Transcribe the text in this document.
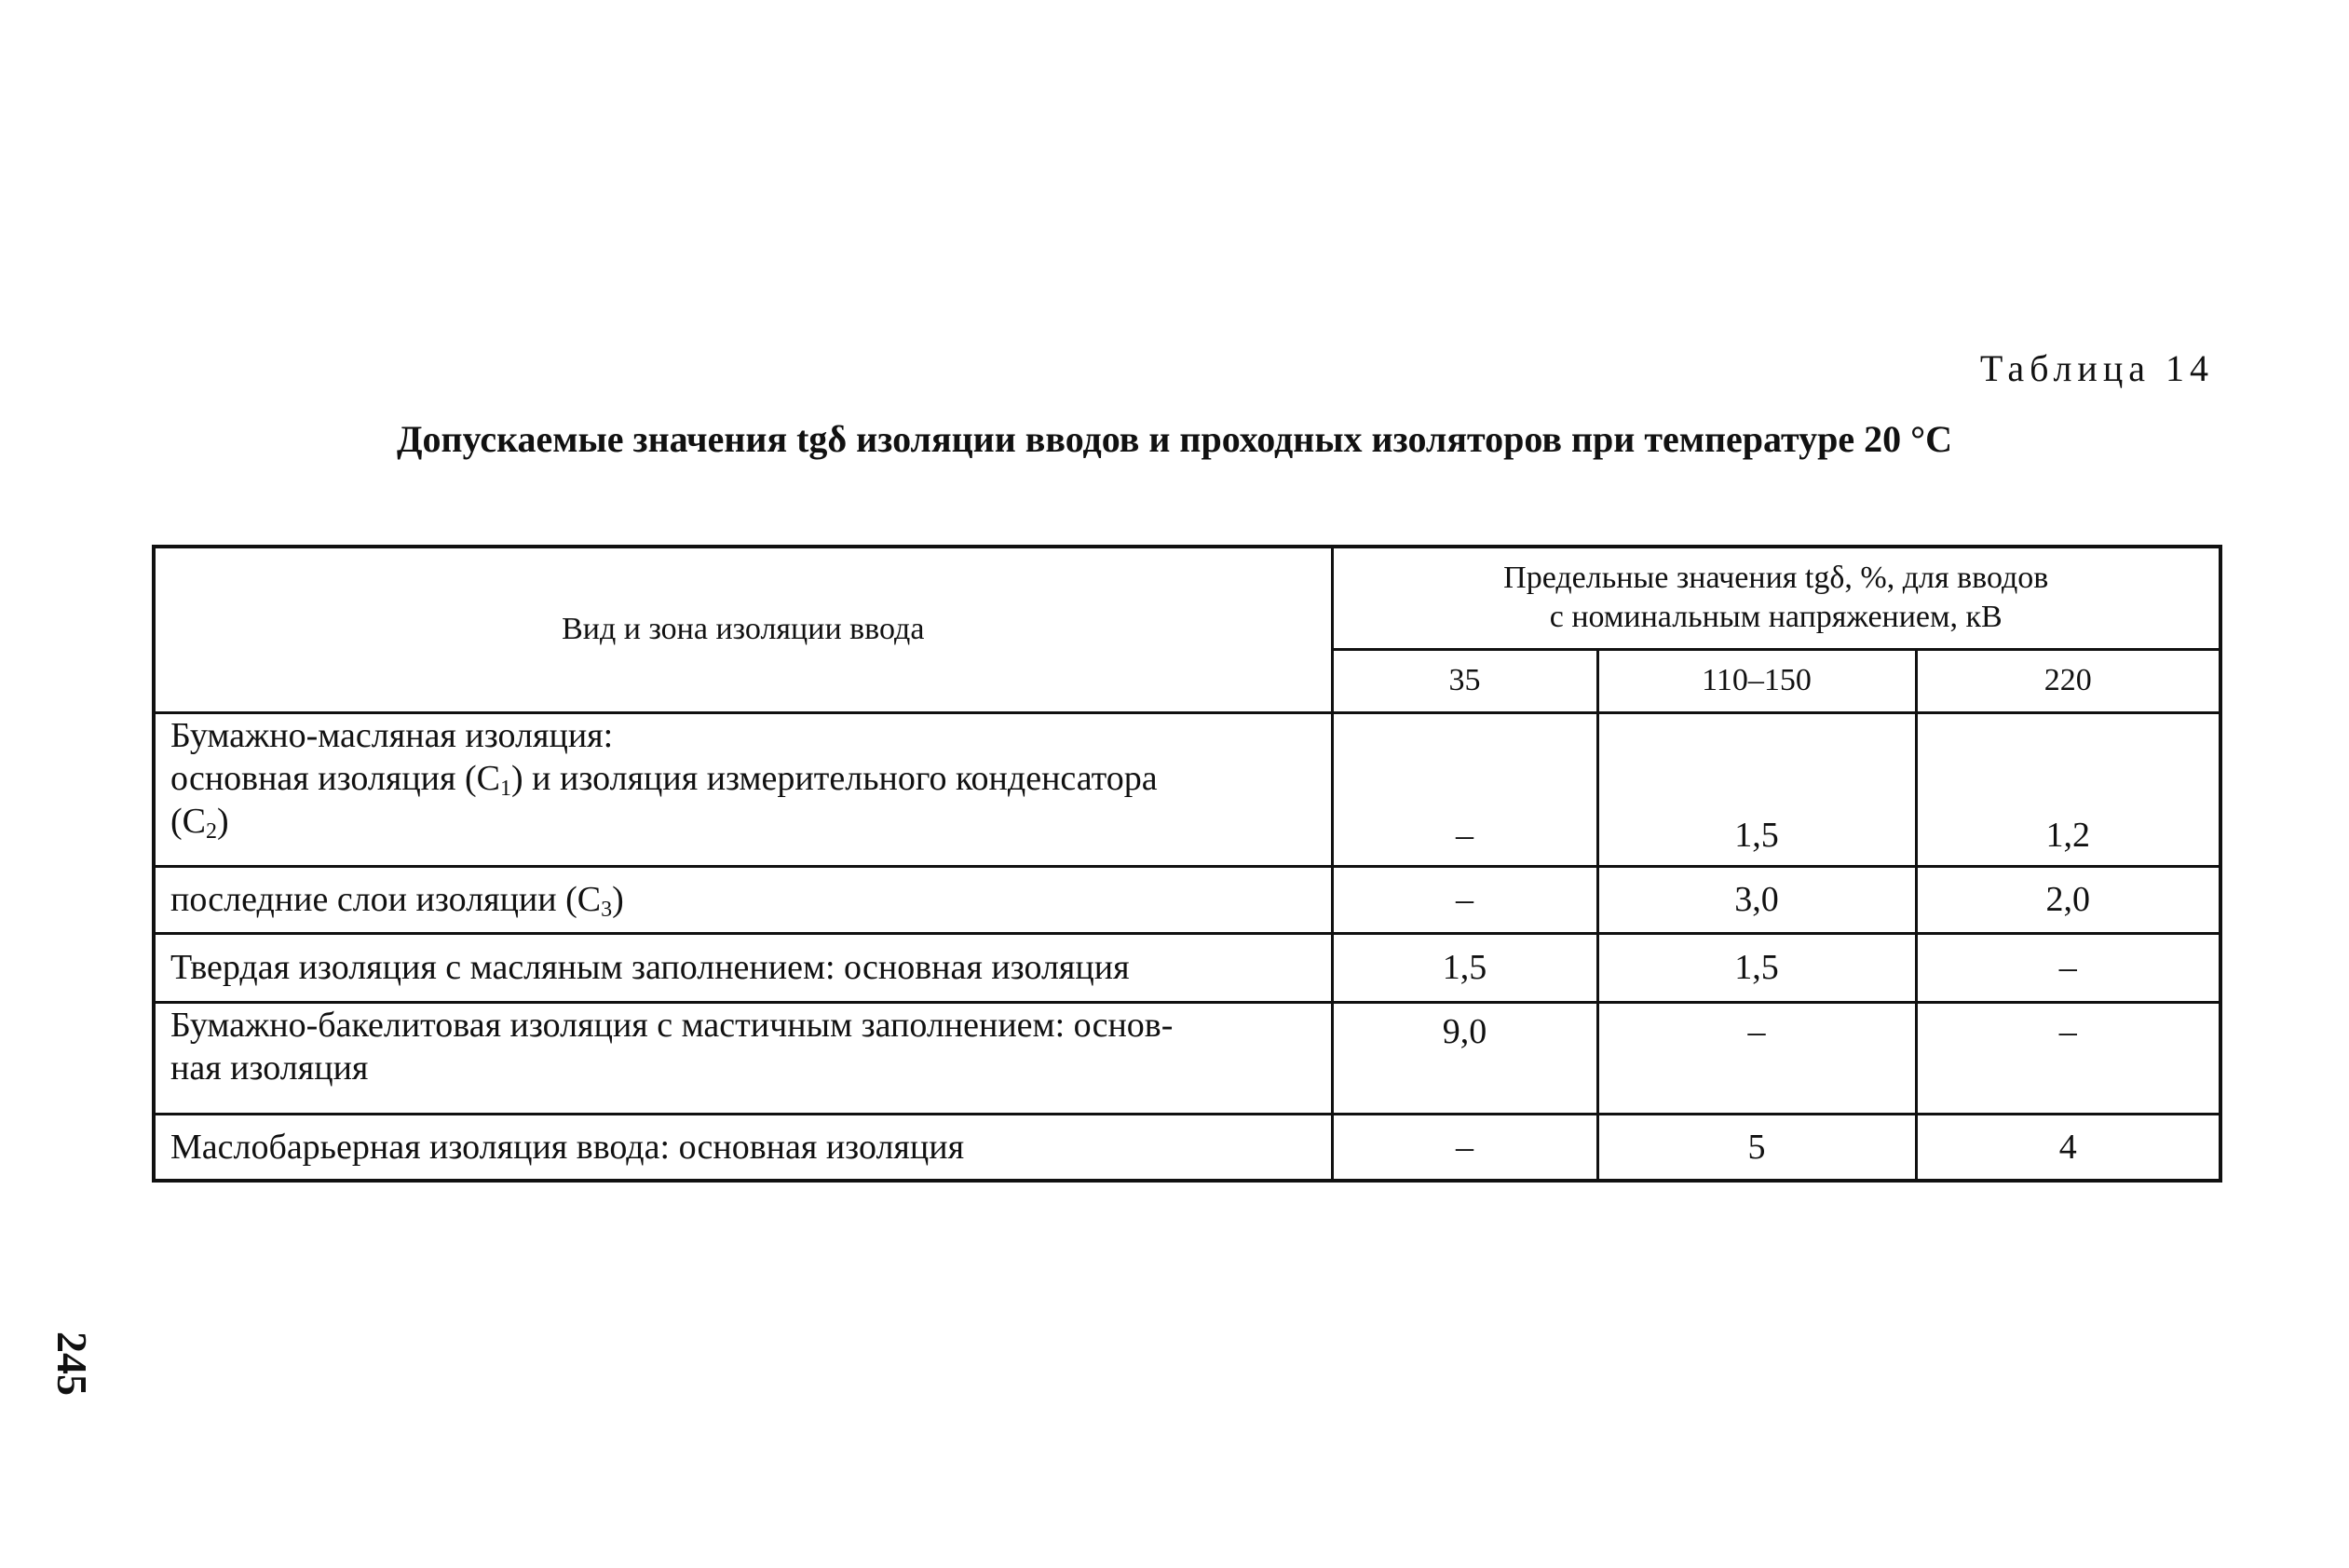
Таблица 14
Допускаемые значения tgδ изоляции вводов и проходных изоляторов при температуре 20 °С
Вид и зона изоляции ввода	Предельные значения tgδ, %, для вводов
с номинальным напряжением, кВ		

	35	110–150	220

Бумажно-масляная изоляция:
основная изоляция $(С_1)$ и изоляция измерительного конденсатора
$(С_2)$	–	1,5	1,2
последние слои изоляции $(С_3)$	–	3,0	2,0
Твердая изоляция с масляным заполнением: основная изоляция	1,5	1,5	–

Бумажно-бакелитовая изоляция с мастичным заполнением: основ-
ная изоляция	9,0	–	–
Маслобарьерная изоляция ввода: основная изоляция	–	5	4
245
